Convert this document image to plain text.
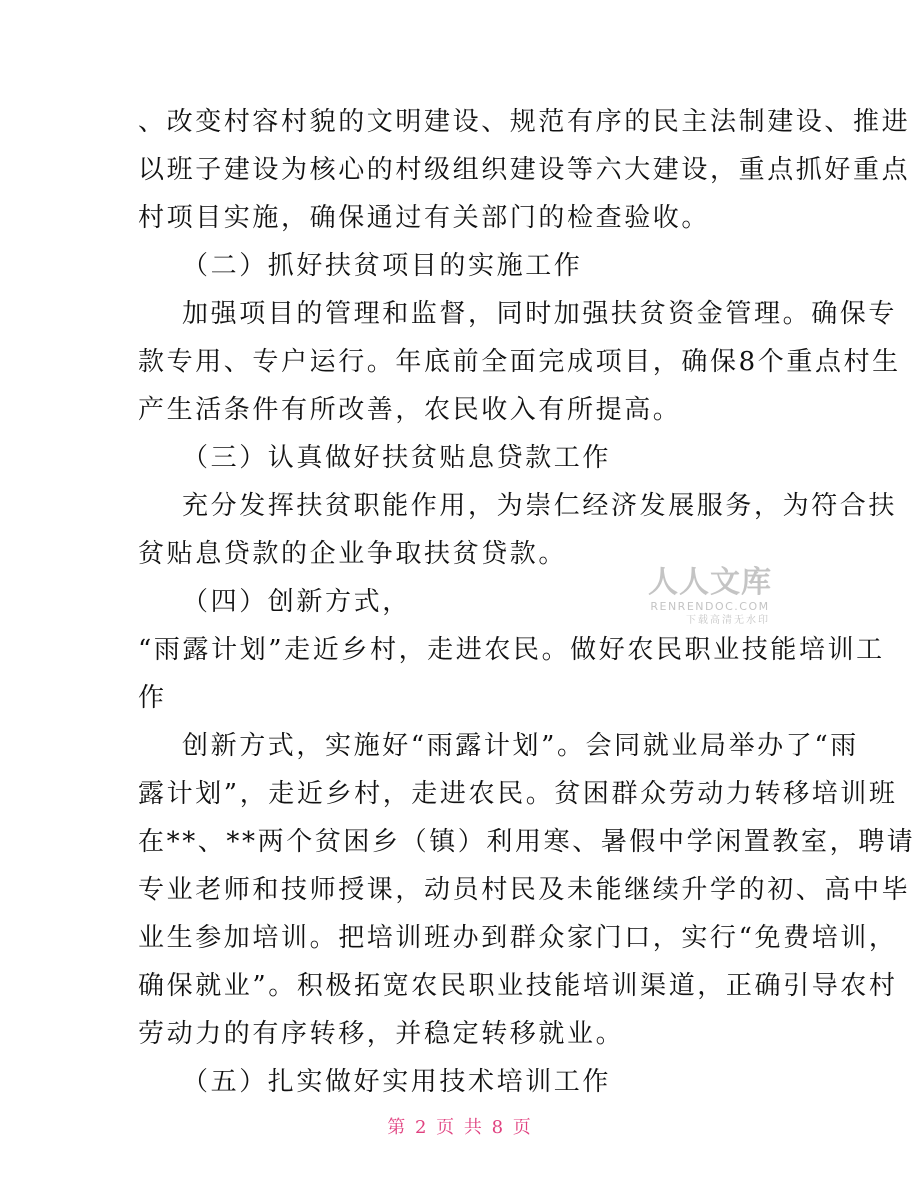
、改变村容村貌的文明建设、规范有序的民主法制建设、推进
以班子建设为核心的村级组织建设等六大建设，重点抓好重点
村项目实施，确保通过有关部门的检查验收。
（二）抓好扶贫项目的实施工作
加强项目的管理和监督，同时加强扶贫资金管理。确保专
款专用、专户运行。年底前全面完成项目，确保8个重点村生
产生活条件有所改善，农民收入有所提高。
（三）认真做好扶贫贴息贷款工作
充分发挥扶贫职能作用，为崇仁经济发展服务，为符合扶
贫贴息贷款的企业争取扶贫贷款。
（四）创新方式，
“雨露计划”走近乡村，走进农民。做好农民职业技能培训工
作
创新方式，实施好“雨露计划”。会同就业局举办了“雨
露计划”，走近乡村，走进农民。贫困群众劳动力转移培训班
在**、**两个贫困乡（镇）利用寒、暑假中学闲置教室，聘请
专业老师和技师授课，动员村民及未能继续升学的初、高中毕
业生参加培训。把培训班办到群众家门口，实行“免费培训，
确保就业”。积极拓宽农民职业技能培训渠道，正确引导农村
劳动力的有序转移，并稳定转移就业。
（五）扎实做好实用技术培训工作
人人文库
RENRENDOC.COM
下载高清无水印
第 2 页 共 8 页
